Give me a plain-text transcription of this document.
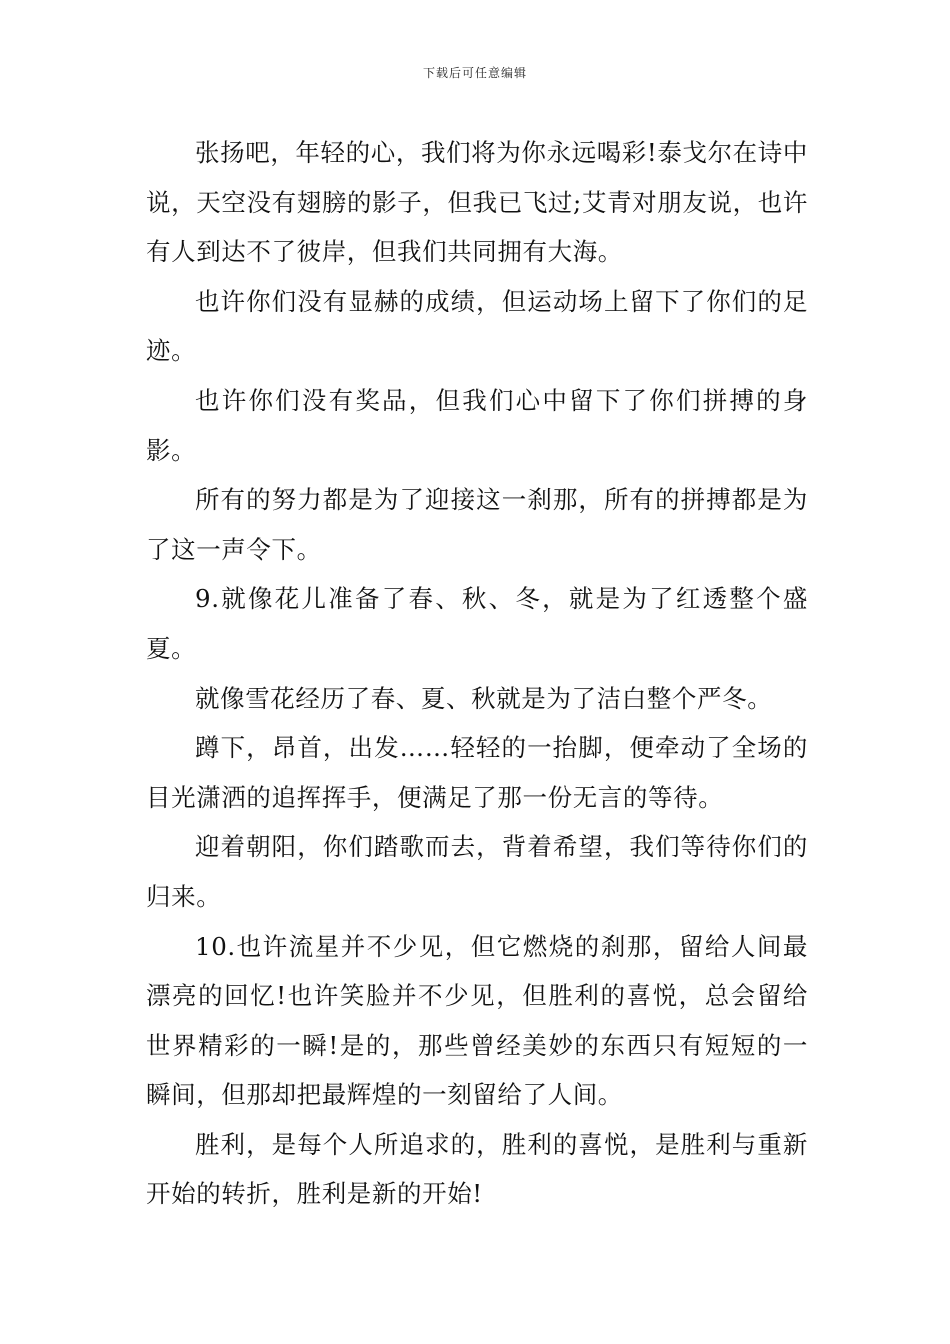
下载后可任意编辑

张扬吧，年轻的心，我们将为你永远喝彩!泰戈尔在诗中说，天空没有翅膀的影子，但我已飞过;艾青对朋友说，也许有人到达不了彼岸，但我们共同拥有大海。

也许你们没有显赫的成绩，但运动场上留下了你们的足迹。

也许你们没有奖品，但我们心中留下了你们拼搏的身影。

所有的努力都是为了迎接这一刹那，所有的拼搏都是为了这一声令下。

9.就像花儿准备了春、秋、冬，就是为了红透整个盛夏。

就像雪花经历了春、夏、秋就是为了洁白整个严冬。

蹲下，昂首，出发……轻轻的一抬脚，便牵动了全场的目光潇洒的追挥挥手，便满足了那一份无言的等待。

迎着朝阳，你们踏歌而去，背着希望，我们等待你们的归来。

10.也许流星并不少见，但它燃烧的刹那，留给人间最漂亮的回忆!也许笑脸并不少见，但胜利的喜悦，总会留给世界精彩的一瞬!是的，那些曾经美妙的东西只有短短的一瞬间，但那却把最辉煌的一刻留给了人间。

胜利，是每个人所追求的，胜利的喜悦，是胜利与重新开始的转折，胜利是新的开始!
